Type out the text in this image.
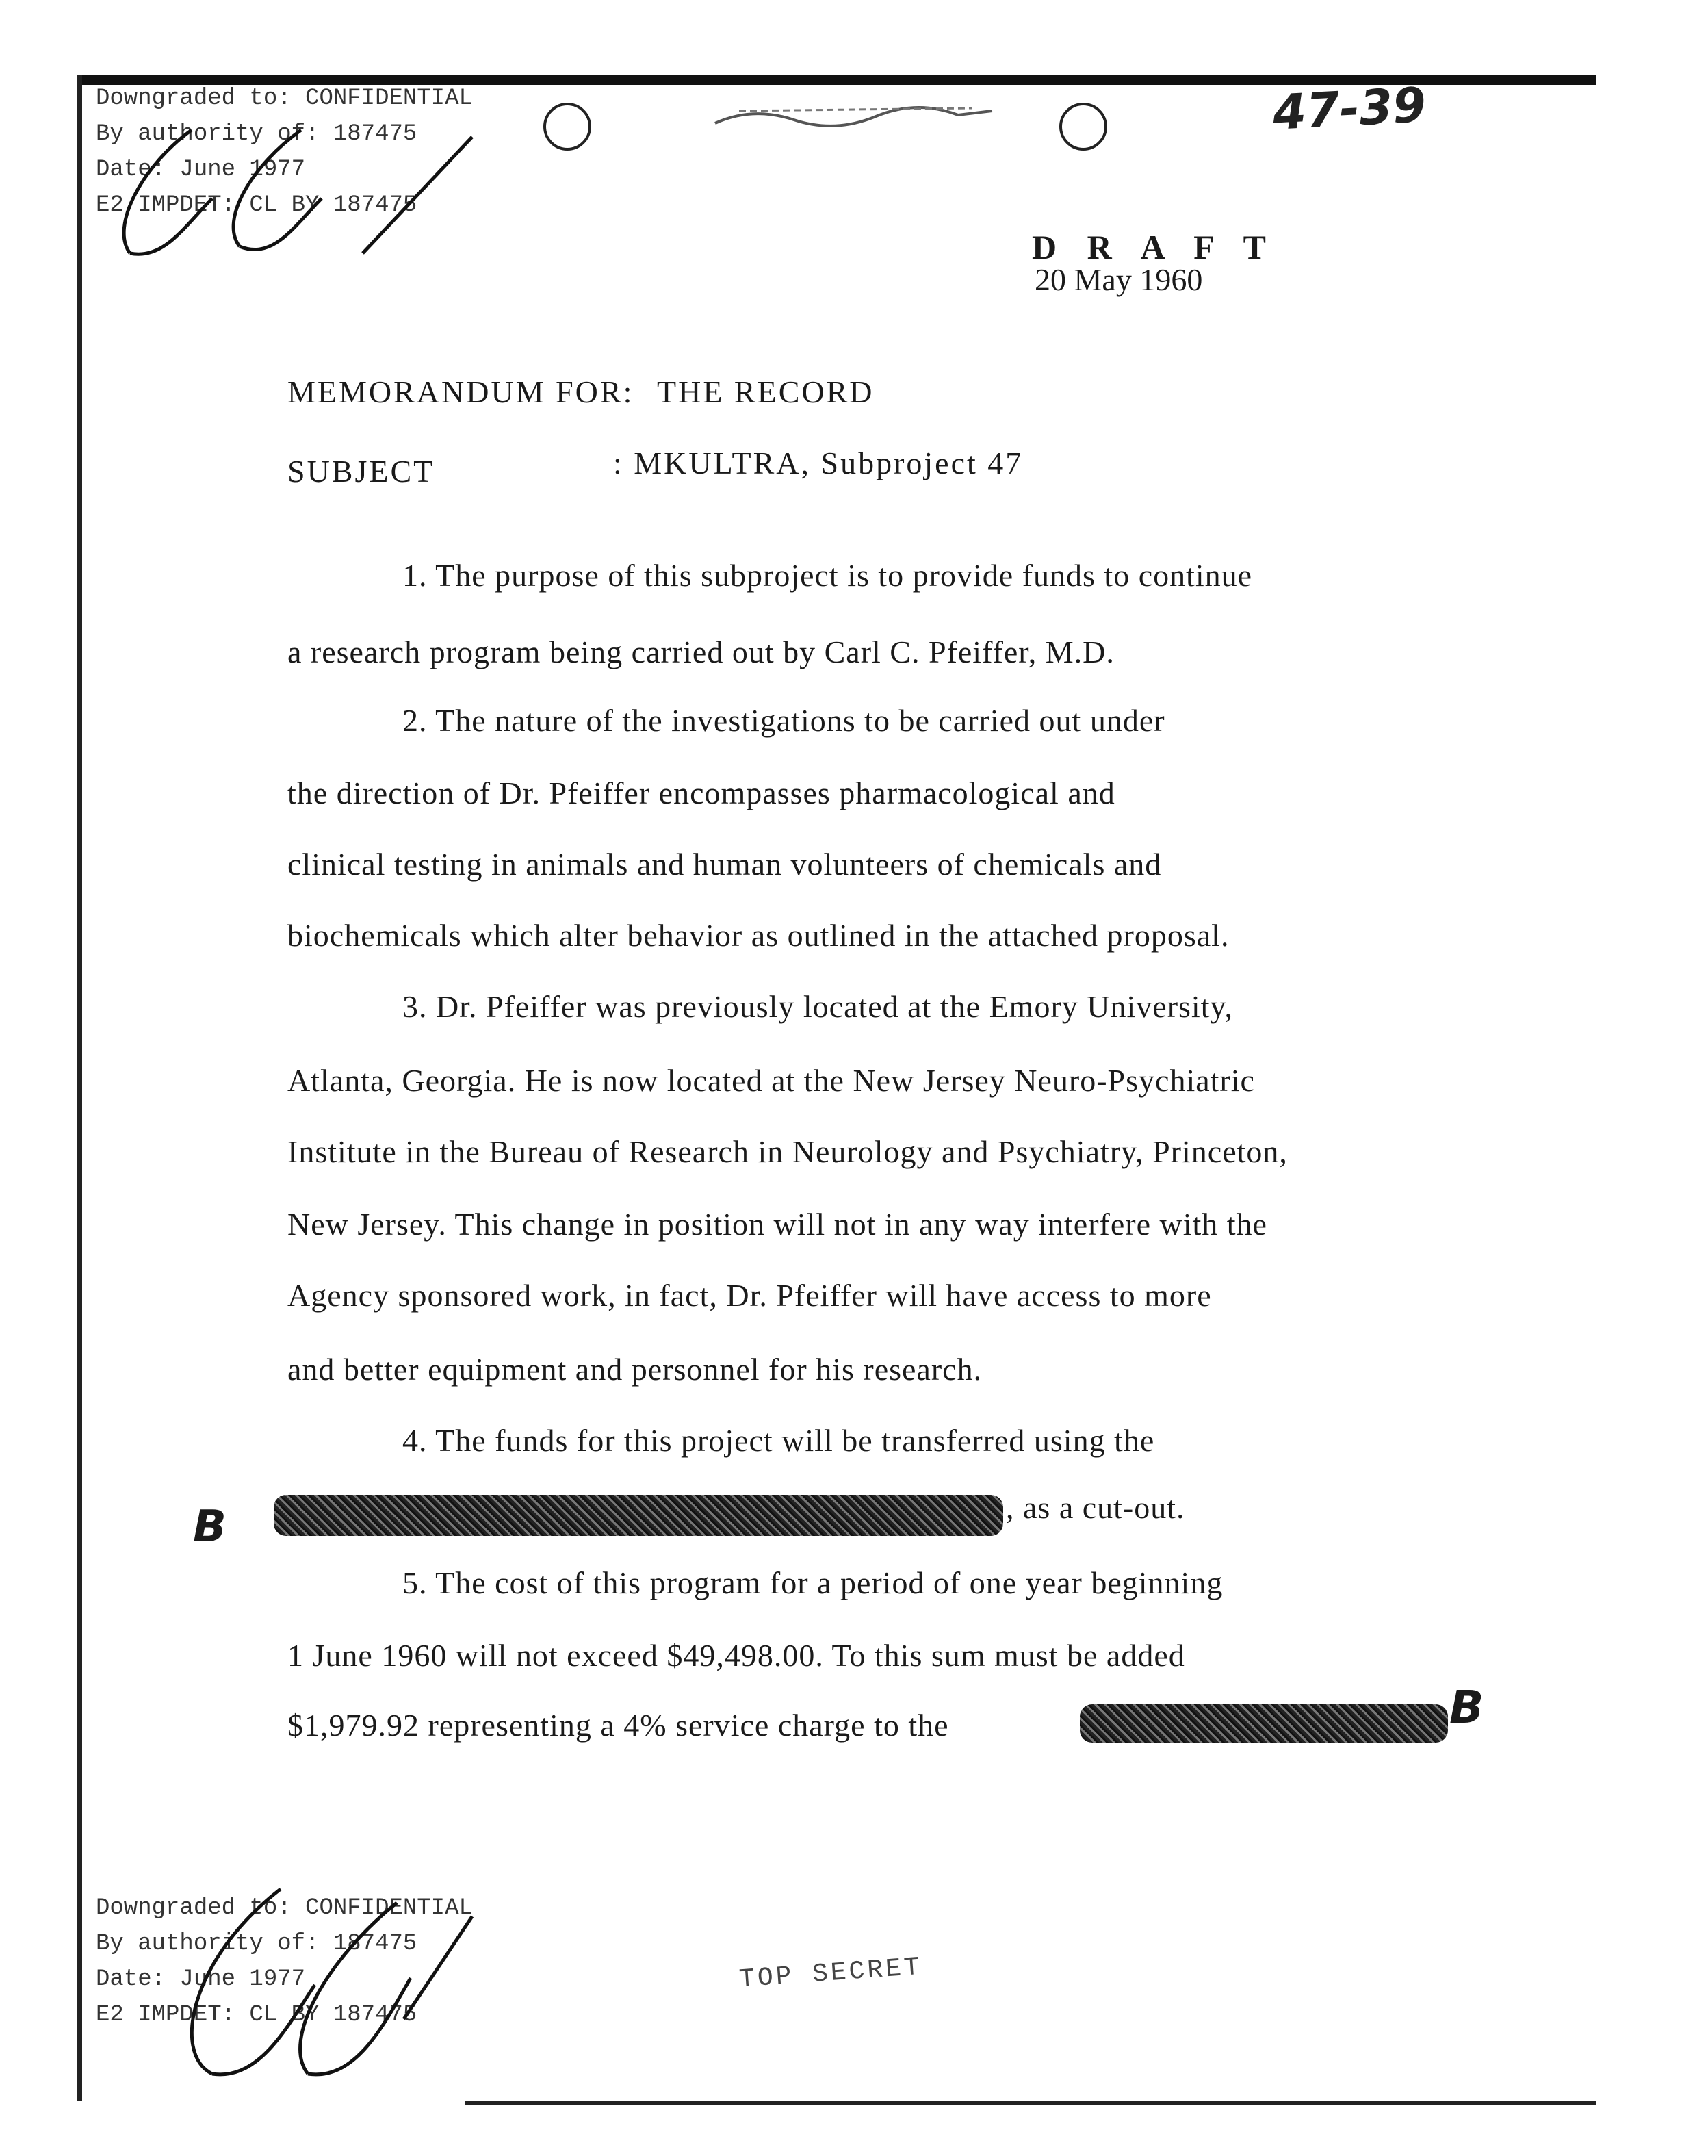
47-39
Downgraded to: CONFIDENTIAL
By authority of: 187475
Date: June 1977
E2 IMPDET: CL BY 187475
D R A F T
20 May 1960
MEMORANDUM FOR: THE RECORD
SUBJECT	: MKULTRA, Subproject 47
1. The purpose of this subproject is to provide funds to continue
a research program being carried out by Carl C. Pfeiffer, M.D.
2. The nature of the investigations to be carried out under
the direction of Dr. Pfeiffer encompasses pharmacological and
clinical testing in animals and human volunteers of chemicals and
biochemicals which alter behavior as outlined in the attached proposal.
3. Dr. Pfeiffer was previously located at the Emory University,
Atlanta, Georgia. He is now located at the New Jersey Neuro-Psychiatric
Institute in the Bureau of Research in Neurology and Psychiatry, Princeton,
New Jersey. This change in position will not in any way interfere with the
Agency sponsored work, in fact, Dr. Pfeiffer will have access to more
and better equipment and personnel for his research.
4. The funds for this project will be transferred using the
, as a cut-out.
B
5. The cost of this program for a period of one year beginning
1 June 1960 will not exceed $49,498.00. To this sum must be added
$1,979.92 representing a 4% service charge to the	B
Downgraded to: CONFIDENTIAL
By authority of: 187475
Date: June 1977
E2 IMPDET: CL BY 187475
TOP SECRET
